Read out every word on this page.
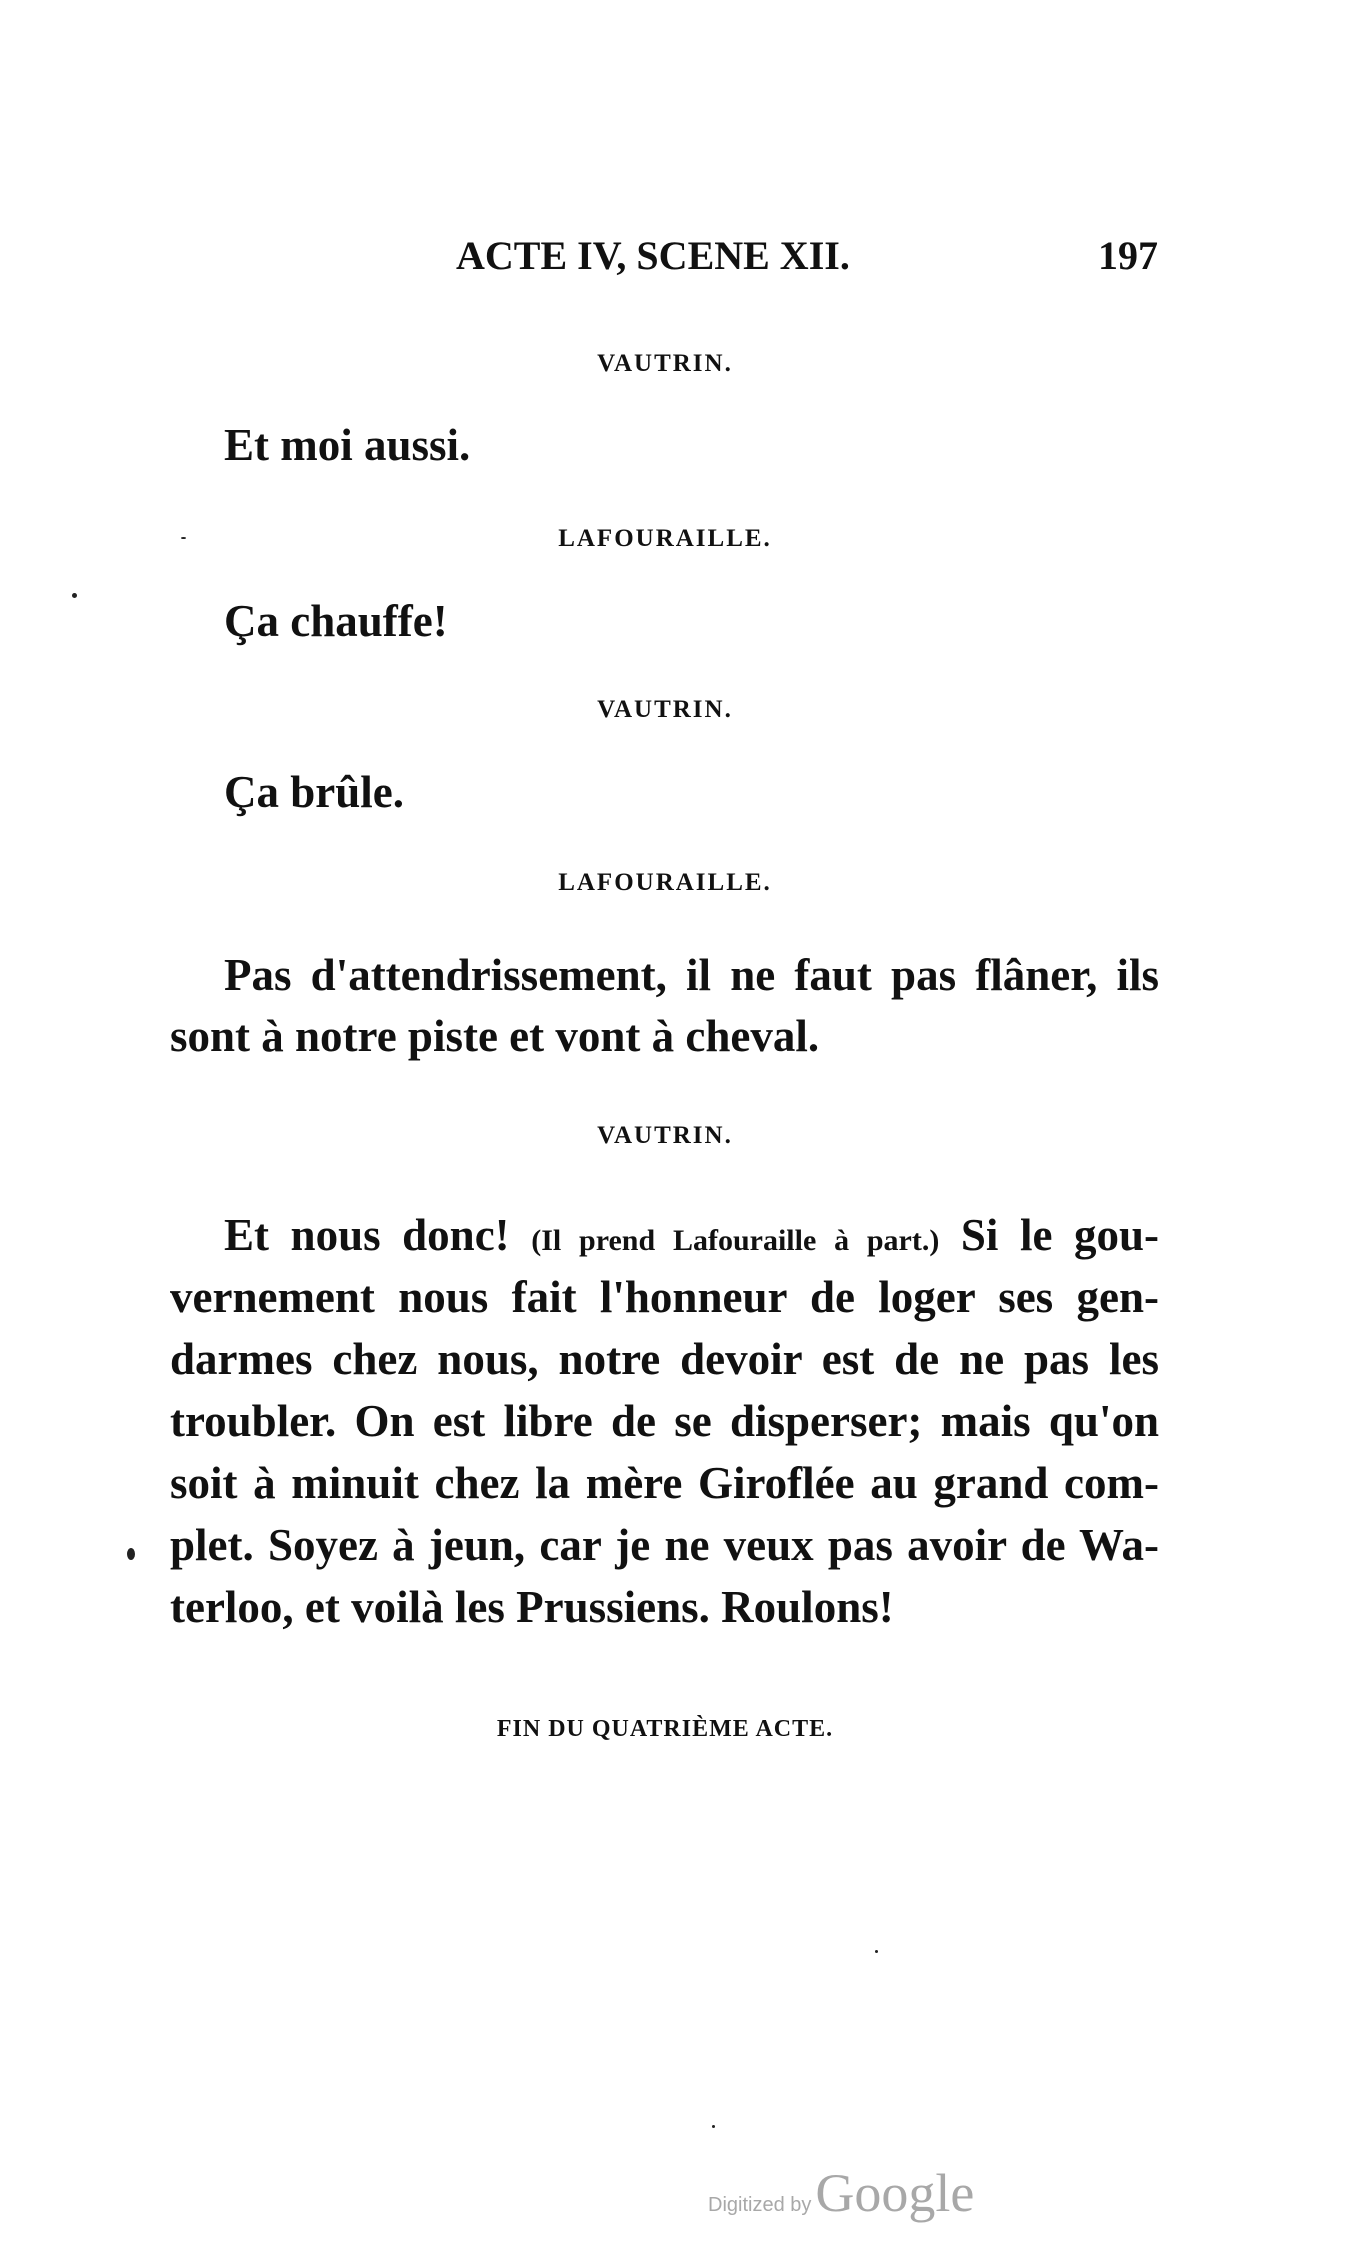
ACTE IV, SCENE XII.	197
VAUTRIN.
Et moi aussi.
LAFOURAILLE.
Ça chauffe!
VAUTRIN.
Ça brûle.
LAFOURAILLE.
Pas d'attendrissement, il ne faut pas flâner, ils
sont à notre piste et vont à cheval.
VAUTRIN.
Et nous donc! (Il prend Lafouraille à part.) Si le gou-
vernement nous fait l'honneur de loger ses gen-
darmes chez nous, notre devoir est de ne pas les
troubler. On est libre de se disperser; mais qu'on
soit à minuit chez la mère Giroflée au grand com-
plet. Soyez à jeun, car je ne veux pas avoir de Wa-
terloo, et voilà les Prussiens. Roulons!
FIN DU QUATRIÈME ACTE.
Digitized by Google
